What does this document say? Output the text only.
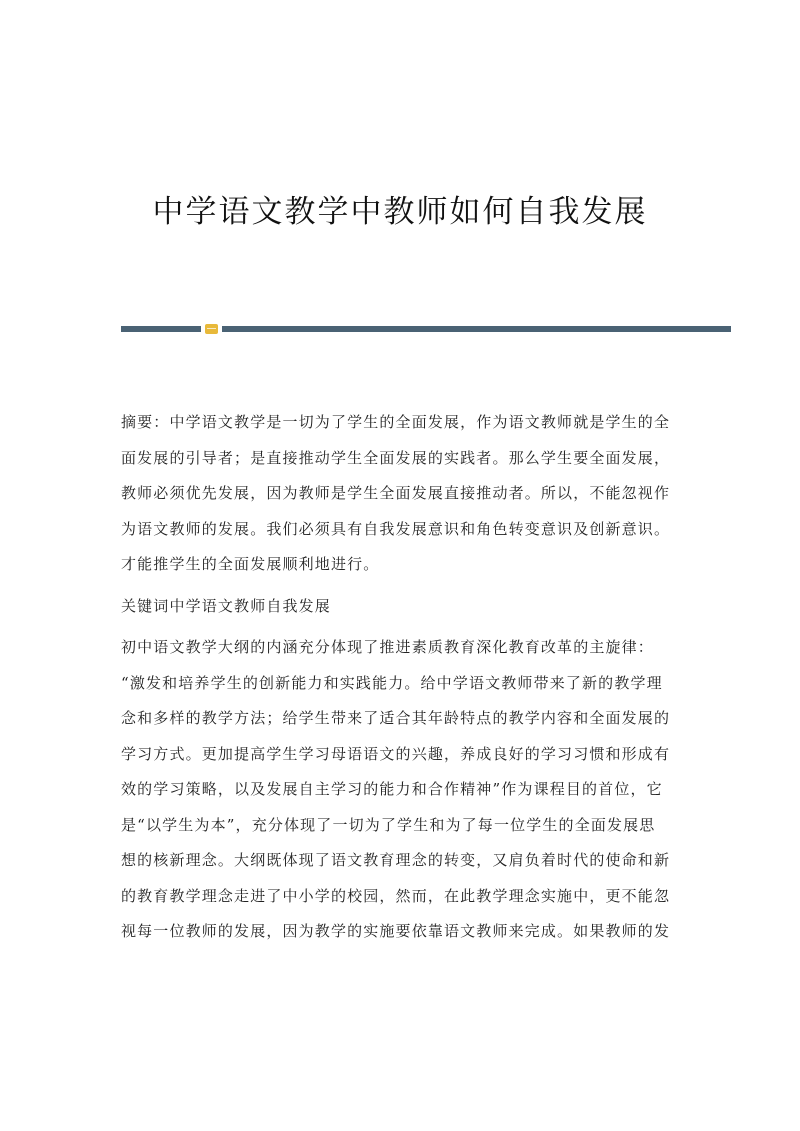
中学语文教学中教师如何自我发展
摘要：中学语文教学是一切为了学生的全面发展，作为语文教师就是学生的全
面发展的引导者；是直接推动学生全面发展的实践者。那么学生要全面发展，
教师必须优先发展，因为教师是学生全面发展直接推动者。所以，不能忽视作
为语文教师的发展。我们必须具有自我发展意识和角色转变意识及创新意识。
才能推学生的全面发展顺利地进行。
关键词中学语文教师自我发展
初中语文教学大纲的内涵充分体现了推进素质教育深化教育改革的主旋律：
“激发和培养学生的创新能力和实践能力。给中学语文教师带来了新的教学理
念和多样的教学方法；给学生带来了适合其年龄特点的教学内容和全面发展的
学习方式。更加提高学生学习母语语文的兴趣，养成良好的学习习惯和形成有
效的学习策略，以及发展自主学习的能力和合作精神”作为课程目的首位，它
是“以学生为本”，充分体现了一切为了学生和为了每一位学生的全面发展思
想的核新理念。大纲既体现了语文教育理念的转变，又肩负着时代的使命和新
的教育教学理念走进了中小学的校园，然而，在此教学理念实施中，更不能忽
视每一位教师的发展，因为教学的实施要依靠语文教师来完成。如果教师的发
